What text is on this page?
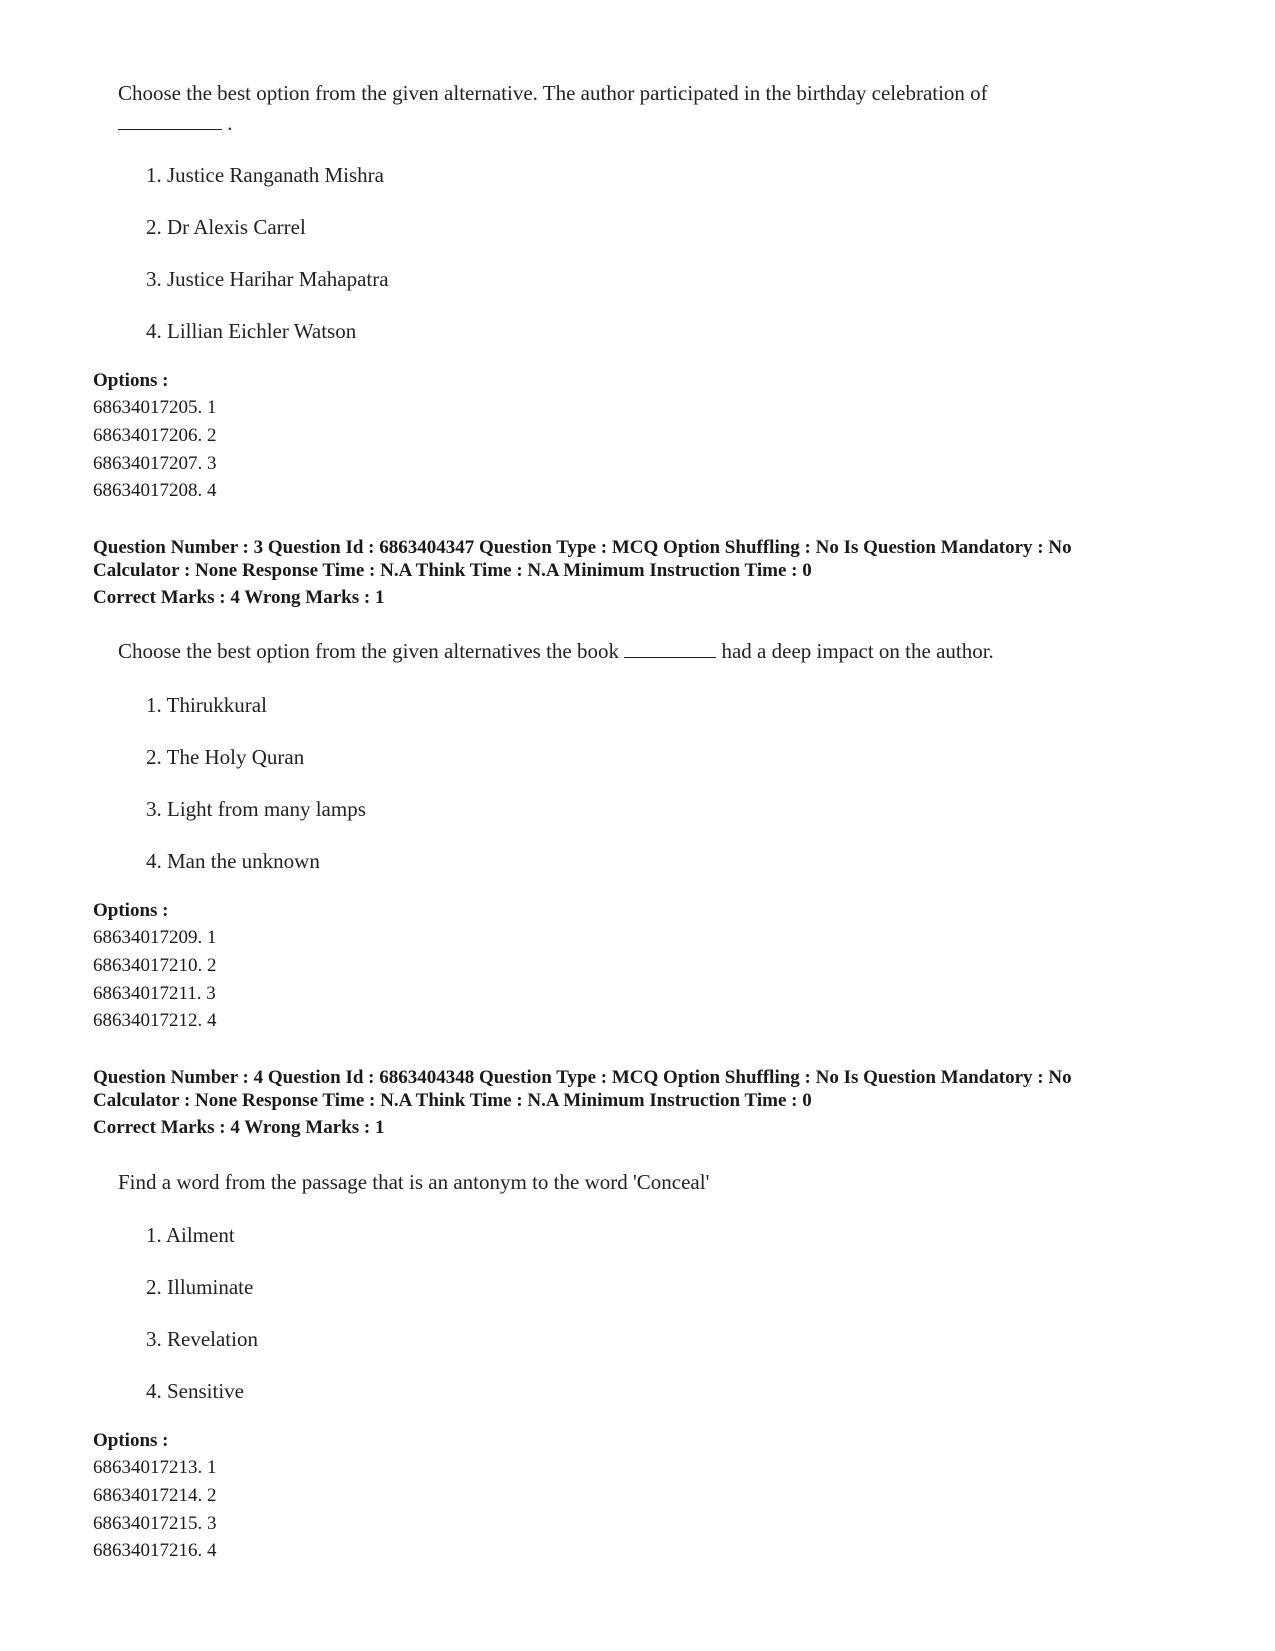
Choose the best option from the given alternative. The author participated in the birthday celebration of
.
1. Justice Ranganath Mishra
2. Dr Alexis Carrel
3. Justice Harihar Mahapatra
4. Lillian Eichler Watson
Options :
68634017205. 1
68634017206. 2
68634017207. 3
68634017208. 4
Question Number : 3 Question Id : 6863404347 Question Type : MCQ Option Shuffling : No Is Question Mandatory : No
Calculator : None Response Time : N.A Think Time : N.A Minimum Instruction Time : 0
Correct Marks : 4 Wrong Marks : 1
Choose the best option from the given alternatives the book	had a deep impact on the author.
1. Thirukkural
2. The Holy Quran
3. Light from many lamps
4. Man the unknown
Options :
68634017209. 1
68634017210. 2
68634017211. 3
68634017212. 4
Question Number : 4 Question Id : 6863404348 Question Type : MCQ Option Shuffling : No Is Question Mandatory : No
Calculator : None Response Time : N.A Think Time : N.A Minimum Instruction Time : 0
Correct Marks : 4 Wrong Marks : 1
Find a word from the passage that is an antonym to the word 'Conceal'
1. Ailment
2. Illuminate
3. Revelation
4. Sensitive
Options :
68634017213. 1
68634017214. 2
68634017215. 3
68634017216. 4
